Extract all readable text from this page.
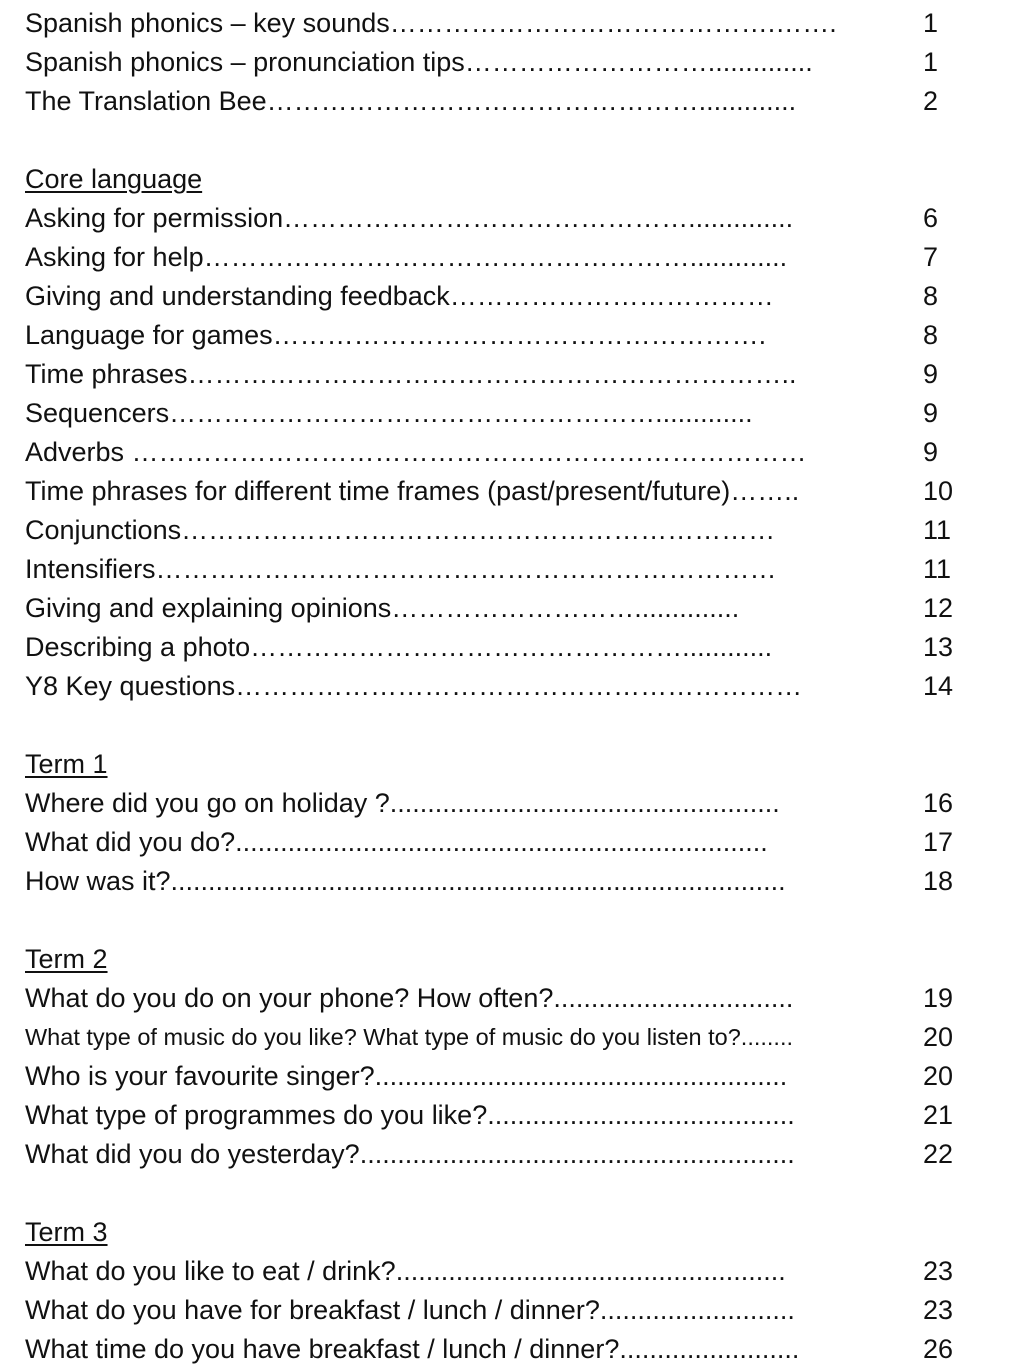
Spanish phonics – key sounds…………………………………….…….	1
Spanish phonics – pronunciation tips………………………..............	1
The Translation Bee………………………………………….............	2
Core language
Asking for permission………………………………………..............	6
Asking for help……………………………………………….............	7
Giving and understanding feedback………………………………	8
Language for games……………………………………………….	8
Time phrases…………………………………………………………..	9
Sequencers……………………………………………….............	9
Adverbs …………………………………………………………………	9
Time phrases for different time frames (past/present/future)……..	10
Conjunctions…………………………………………………………	11
Intensifiers……………………………………………………………	11
Giving and explaining opinions………………………..............	12
Describing a photo…………………………………………............	13
Y8 Key questions………………………………………………………	14
Term 1
Where did you go on holiday ?....................................................	16
What did you do?.......................................................................	17
How was it?..................................................................................	18
Term 2
What do you do on your phone? How often?................................	19
What type of music do you like? What type of music do you listen to?........	20
Who is your favourite singer?.......................................................	20
What type of programmes do you like?.........................................	21
What did you do yesterday?..........................................................	22
Term 3
What do you like to eat / drink?....................................................	23
What do you have for breakfast / lunch / dinner?..........................	23
What time do you have breakfast / lunch / dinner?........................	26
